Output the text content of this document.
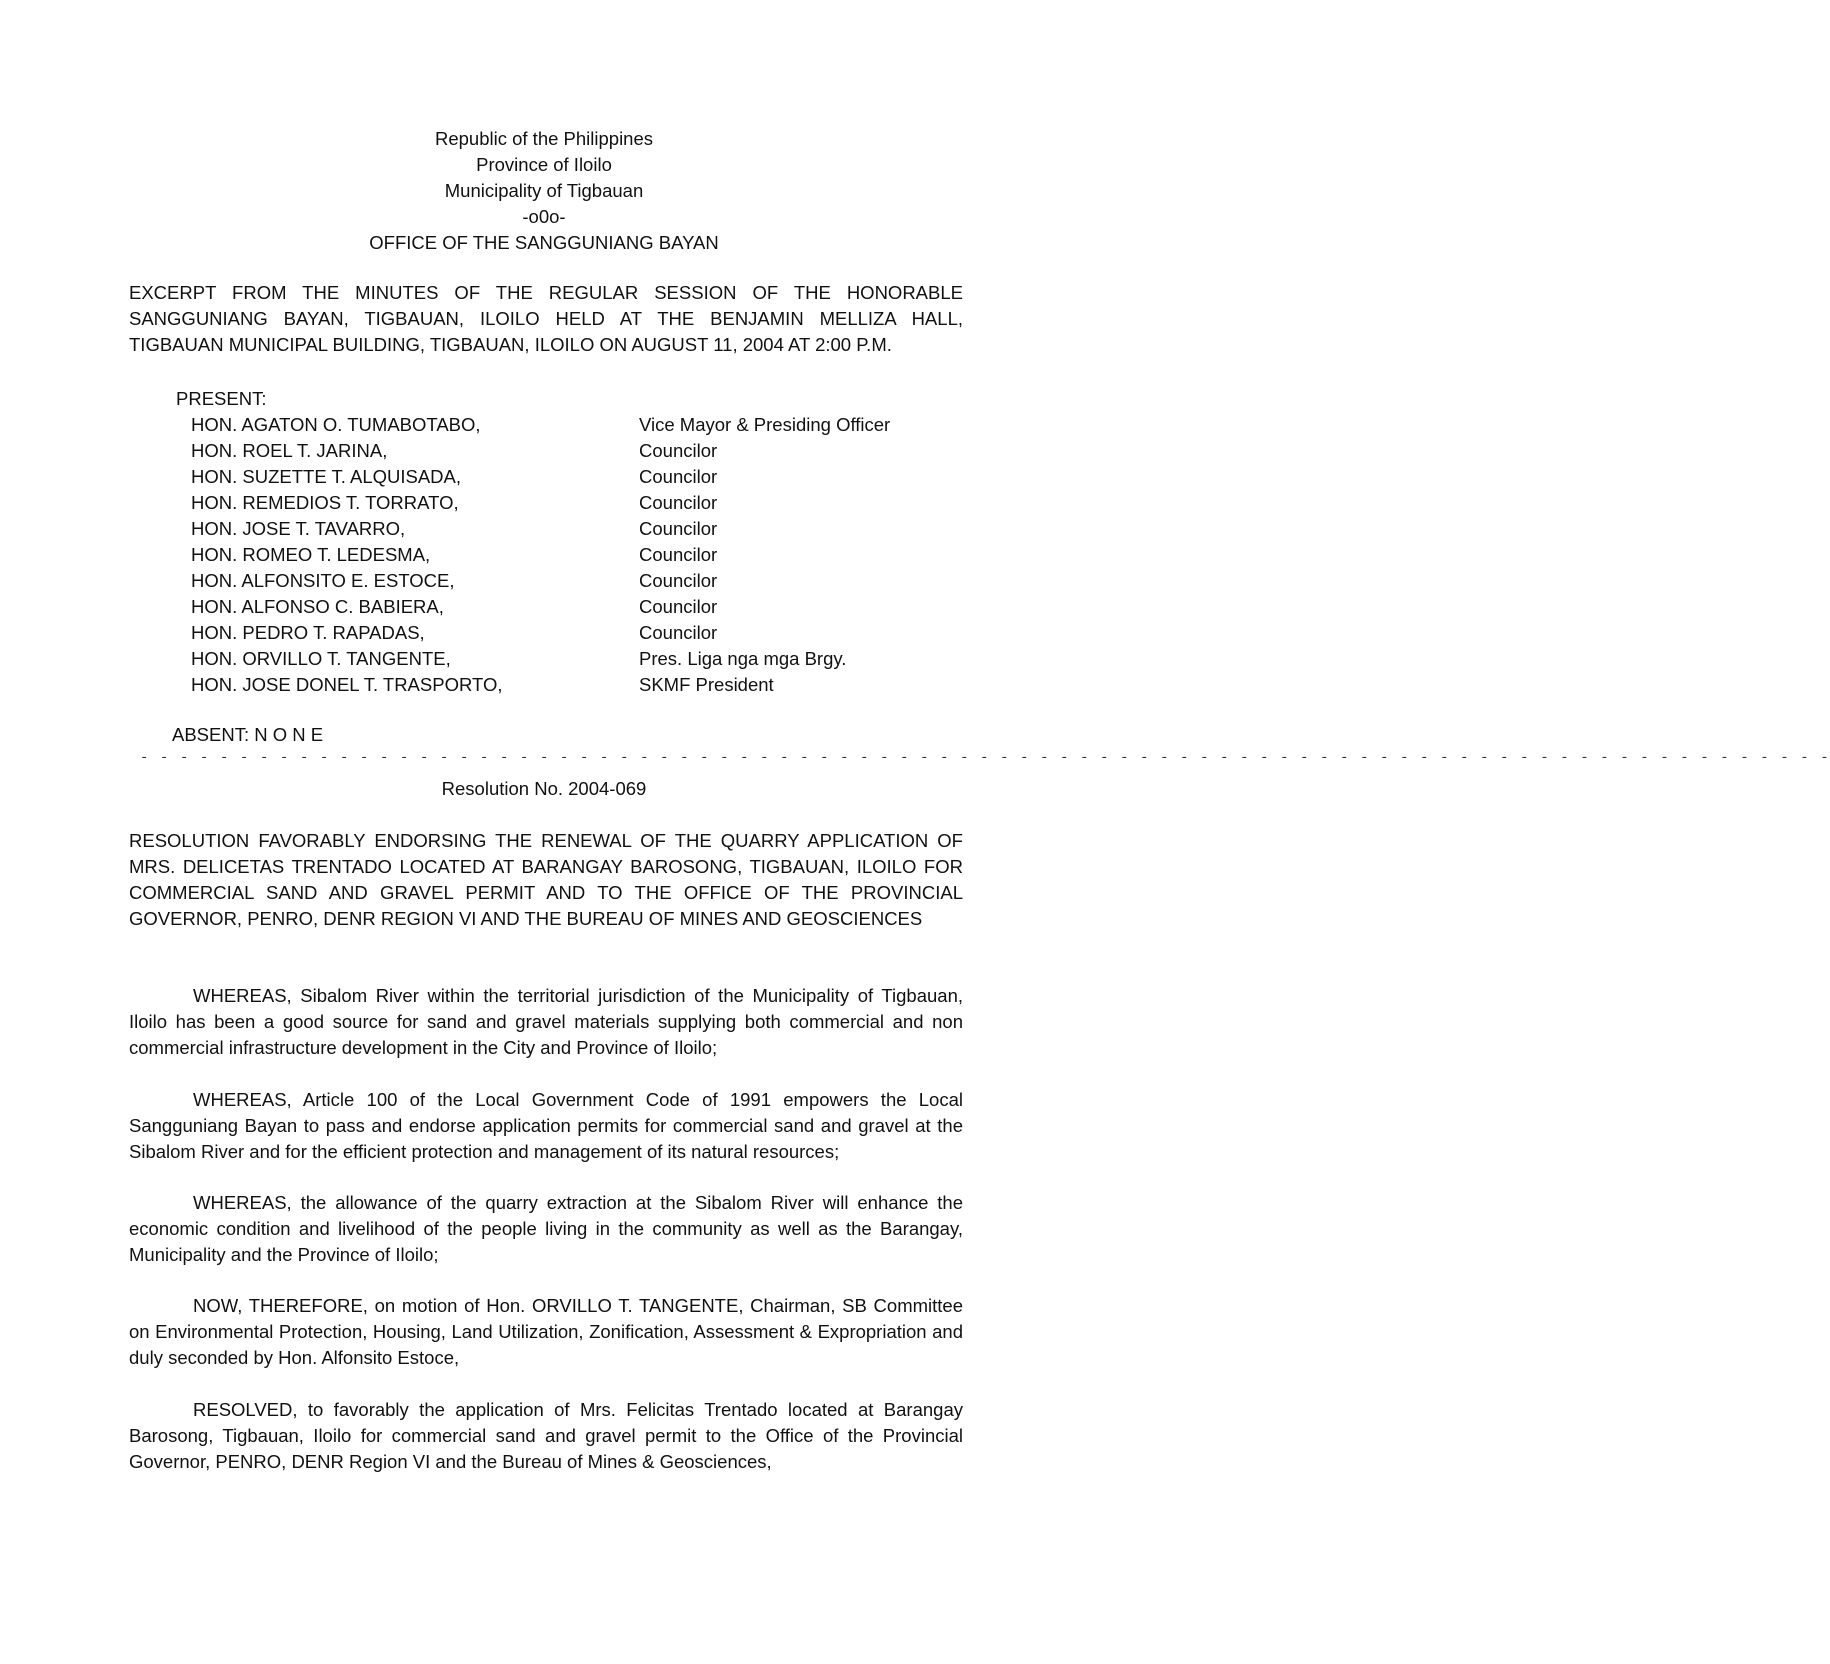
Republic of the Philippines
Province of Iloilo
Municipality of Tigbauan
-o0o-
OFFICE OF THE SANGGUNIANG BAYAN

EXCERPT FROM THE MINUTES OF THE REGULAR SESSION OF THE HONORABLE SANGGUNIANG BAYAN, TIGBAUAN, ILOILO HELD AT THE BENJAMIN MELLIZA HALL, TIGBAUAN MUNICIPAL BUILDING, TIGBAUAN, ILOILO ON AUGUST 11, 2004 AT 2:00 P.M.

PRESENT:
HON. AGATON O. TUMABOTABO,	Vice Mayor & Presiding Officer
HON. ROEL T. JARINA,	Councilor
HON. SUZETTE T. ALQUISADA,	Councilor
HON. REMEDIOS T. TORRATO,	Councilor
HON. JOSE T. TAVARRO,	Councilor
HON. ROMEO T. LEDESMA,	Councilor
HON. ALFONSITO E. ESTOCE,	Councilor
HON. ALFONSO C. BABIERA,	Councilor
HON. PEDRO T. RAPADAS,	Councilor
HON. ORVILLO T. TANGENTE,	Pres. Liga nga mga Brgy.
HON. JOSE DONEL T. TRASPORTO,	SKMF President
ABSENT: N O N E
- - - - - - - - - - - - - - - - - - - - - - - - - - - - - - - - - - - - - - - - - - - - - - - - - - - - - - - - - - - - - - - - - - - - - - - - - - - - - - - - - - - - -
Resolution No. 2004-069

RESOLUTION FAVORABLY ENDORSING THE RENEWAL OF THE QUARRY APPLICATION OF MRS. DELICETAS TRENTADO LOCATED AT BARANGAY BAROSONG, TIGBAUAN, ILOILO FOR COMMERCIAL SAND AND GRAVEL PERMIT AND TO THE OFFICE OF THE PROVINCIAL GOVERNOR, PENRO, DENR REGION VI AND THE BUREAU OF MINES AND GEOSCIENCES

WHEREAS, Sibalom River within the territorial jurisdiction of the Municipality of Tigbauan, Iloilo has been a good source for sand and gravel materials supplying both commercial and non commercial infrastructure development in the City and Province of Iloilo;

WHEREAS, Article 100 of the Local Government Code of 1991 empowers the Local Sangguniang Bayan to pass and endorse application permits for commercial sand and gravel at the Sibalom River and for the efficient protection and management of its natural resources;

WHEREAS, the allowance of the quarry extraction at the Sibalom River will enhance the economic condition and livelihood of the people living in the community as well as the Barangay, Municipality and the Province of Iloilo;

NOW, THEREFORE, on motion of Hon. ORVILLO T. TANGENTE, Chairman, SB Committee on Environmental Protection, Housing, Land Utilization, Zonification, Assessment & Expropriation and duly seconded by Hon. Alfonsito Estoce,

RESOLVED, to favorably the application of Mrs. Felicitas Trentado located at Barangay Barosong, Tigbauan, Iloilo for commercial sand and gravel permit to the Office of the Provincial Governor, PENRO, DENR Region VI and the Bureau of Mines & Geosciences,
